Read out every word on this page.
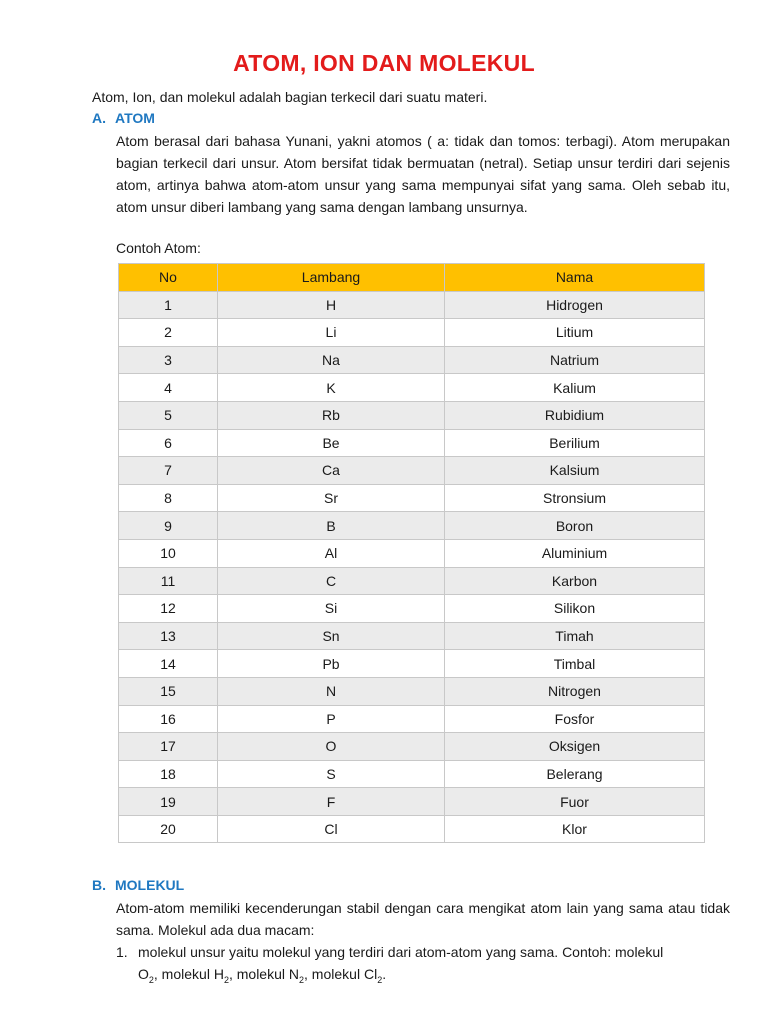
ATOM, ION DAN MOLEKUL
Atom, Ion, dan molekul adalah bagian terkecil dari suatu materi.
A. ATOM
Atom berasal dari bahasa Yunani, yakni atomos ( a: tidak dan tomos: terbagi). Atom merupakan bagian terkecil dari unsur. Atom bersifat tidak bermuatan (netral). Setiap unsur terdiri dari sejenis atom, artinya bahwa atom-atom unsur yang sama mempunyai sifat yang sama. Oleh sebab itu, atom unsur diberi lambang yang sama dengan lambang unsurnya.
Contoh Atom:
No	Lambang	Nama
1	H	Hidrogen
2	Li	Litium
3	Na	Natrium
4	K	Kalium
5	Rb	Rubidium
6	Be	Berilium
7	Ca	Kalsium
8	Sr	Stronsium
9	B	Boron
10	Al	Aluminium
11	C	Karbon
12	Si	Silikon
13	Sn	Timah
14	Pb	Timbal
15	N	Nitrogen
16	P	Fosfor
17	O	Oksigen
18	S	Belerang
19	F	Fuor
20	Cl	Klor
B. MOLEKUL
Atom-atom memiliki kecenderungan stabil dengan cara mengikat atom lain yang sama atau tidak sama. Molekul ada dua macam:
1. molekul unsur yaitu molekul yang terdiri dari atom-atom yang sama. Contoh: molekul
$O_2$, molekul $H_2$, molekul $N_2$, molekul $Cl_2$.
